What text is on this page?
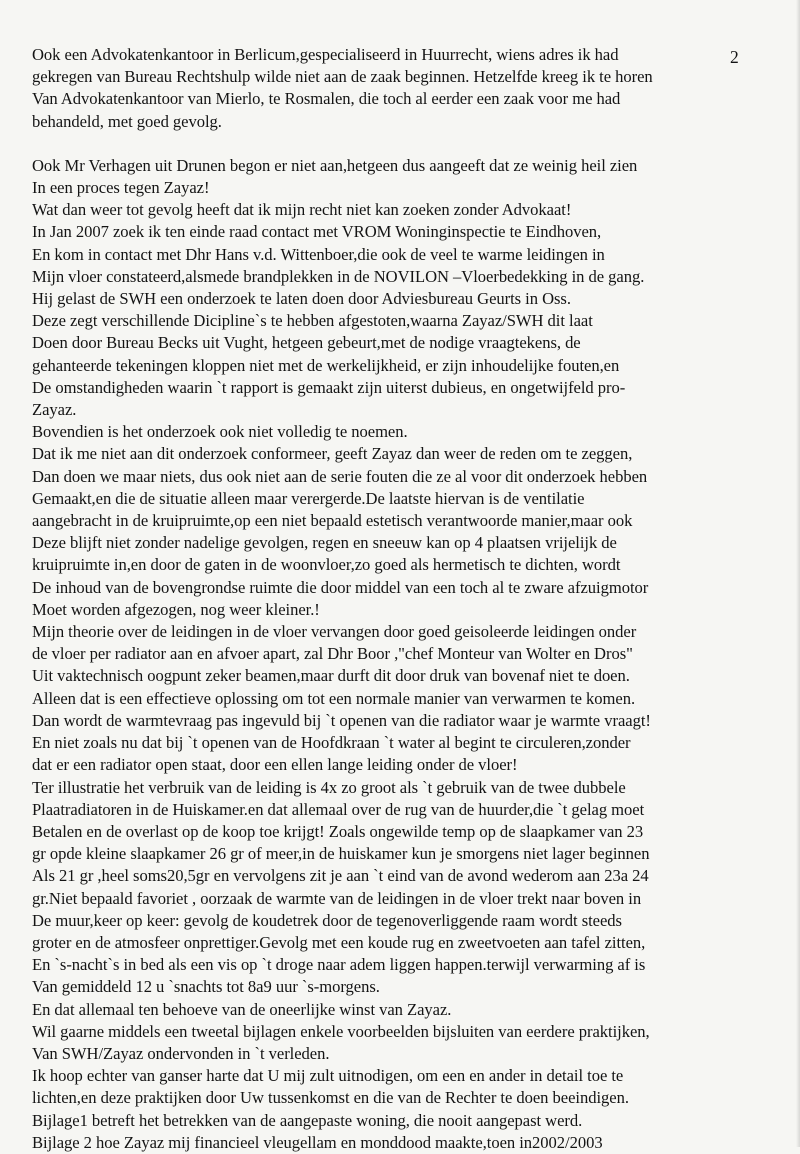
2
Ook een Advokatenkantoor in Berlicum,gespecialiseerd in Huurrecht, wiens adres ik had
gekregen van Bureau Rechtshulp wilde niet aan de zaak beginnen. Hetzelfde kreeg ik te horen
Van Advokatenkantoor van Mierlo, te Rosmalen, die toch al eerder een zaak voor me had
behandeld, met goed gevolg.
Ook Mr Verhagen uit Drunen begon er niet aan,hetgeen dus aangeeft dat ze weinig heil zien
In een proces tegen Zayaz!
Wat dan weer tot gevolg heeft dat ik mijn recht niet kan zoeken zonder Advokaat!
In Jan 2007 zoek ik ten einde raad contact met VROM Woninginspectie te Eindhoven,
En kom in contact met Dhr Hans v.d. Wittenboer,die ook de veel te warme leidingen in
Mijn vloer constateerd,alsmede brandplekken in de NOVILON –Vloerbedekking in de gang.
Hij gelast de SWH een onderzoek te laten doen door Adviesbureau Geurts in Oss.
Deze zegt verschillende Dicipline`s te hebben afgestoten,waarna Zayaz/SWH dit laat
Doen door Bureau Becks uit Vught, hetgeen gebeurt,met de nodige vraagtekens, de
gehanteerde tekeningen kloppen niet met de werkelijkheid, er zijn inhoudelijke fouten,en
De omstandigheden waarin `t rapport is gemaakt zijn uiterst dubieus, en ongetwijfeld pro-
Zayaz.
Bovendien is het onderzoek ook niet volledig te noemen.
Dat ik me niet aan dit onderzoek conformeer, geeft Zayaz dan weer de reden om te zeggen,
Dan doen we maar niets, dus ook niet aan de serie fouten die ze al voor dit onderzoek hebben
Gemaakt,en die de situatie alleen maar verergerde.De laatste hiervan is de ventilatie
aangebracht in de kruipruimte,op een niet bepaald estetisch verantwoorde manier,maar ook
Deze blijft niet zonder nadelige gevolgen, regen en sneeuw kan op 4 plaatsen vrijelijk de
kruipruimte in,en door de gaten in de woonvloer,zo goed als hermetisch te dichten, wordt
De inhoud van de bovengrondse ruimte die door middel van een toch al te zware afzuigmotor
Moet worden afgezogen, nog weer kleiner.!
Mijn theorie over de leidingen in de vloer vervangen door goed geisoleerde leidingen onder
de vloer per radiator aan en afvoer apart, zal Dhr Boor ,"chef Monteur van Wolter en Dros"
Uit vaktechnisch oogpunt zeker beamen,maar durft dit door druk van bovenaf niet te doen.
Alleen dat is een effectieve oplossing om tot een normale manier van verwarmen te komen.
Dan wordt de warmtevraag pas ingevuld bij `t openen van die radiator waar je warmte vraagt!
En niet zoals nu dat bij `t openen van de Hoofdkraan `t water al begint te circuleren,zonder
dat er een radiator open staat, door een ellen lange leiding onder de vloer!
Ter illustratie het verbruik van de leiding is 4x zo groot als `t gebruik van de twee dubbele
Plaatradiatoren in de Huiskamer.en dat allemaal over de rug van de huurder,die `t gelag moet
Betalen en de overlast op de koop toe krijgt! Zoals ongewilde temp op de slaapkamer van 23
gr opde kleine slaapkamer 26 gr of meer,in de huiskamer kun je smorgens niet lager beginnen
Als 21 gr ,heel soms20,5gr en vervolgens zit je aan `t eind van de avond wederom aan 23a 24
gr.Niet bepaald favoriet , oorzaak de warmte van de leidingen in de vloer trekt naar boven in
De muur,keer op keer: gevolg de koudetrek door de tegenoverliggende raam wordt steeds
groter en de atmosfeer onprettiger.Gevolg met een koude rug en zweetvoeten aan tafel zitten,
En `s-nacht`s in bed als een vis op `t droge naar adem liggen happen.terwijl verwarming af is
Van gemiddeld 12 u `snachts tot 8a9 uur `s-morgens.
En dat allemaal ten behoeve van de oneerlijke winst van Zayaz.
Wil gaarne middels een tweetal bijlagen enkele voorbeelden bijsluiten van eerdere praktijken,
Van SWH/Zayaz ondervonden in `t verleden.
Ik hoop echter van ganser harte dat U mij zult uitnodigen, om een en ander in detail toe te
lichten,en deze praktijken door Uw tussenkomst en die van de Rechter te doen beeindigen.
Bijlage1 betreft het betrekken van de aangepaste woning, die nooit aangepast werd.
Bijlage 2 hoe Zayaz mij financieel vleugellam en monddood maakte,toen in2002/2003
